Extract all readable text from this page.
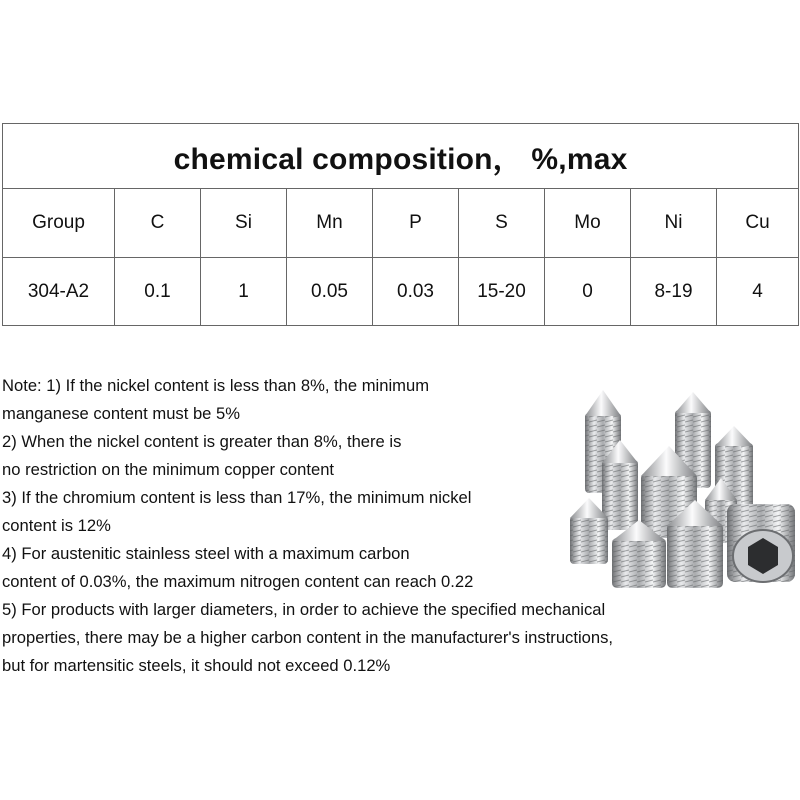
chemical composition， %,max								
Group	C	Si	Mn	P	S	Mo	Ni	Cu
304-A2	0.1	1	0.05	0.03	15-20	0	8-19	4
Note: 1) If the nickel content is less than 8%, the minimum
manganese content must be 5%
2) When the nickel content is greater than 8%, there is
no restriction on the minimum copper content
3) If the chromium content is less than 17%, the minimum nickel
content is 12%
4) For austenitic stainless steel with a maximum carbon
content of 0.03%, the maximum nitrogen content can reach 0.22
5) For products with larger diameters, in order to achieve the specified mechanical
properties, there may be a higher carbon content in the manufacturer's instructions,
but for martensitic steels, it should not exceed 0.12%
